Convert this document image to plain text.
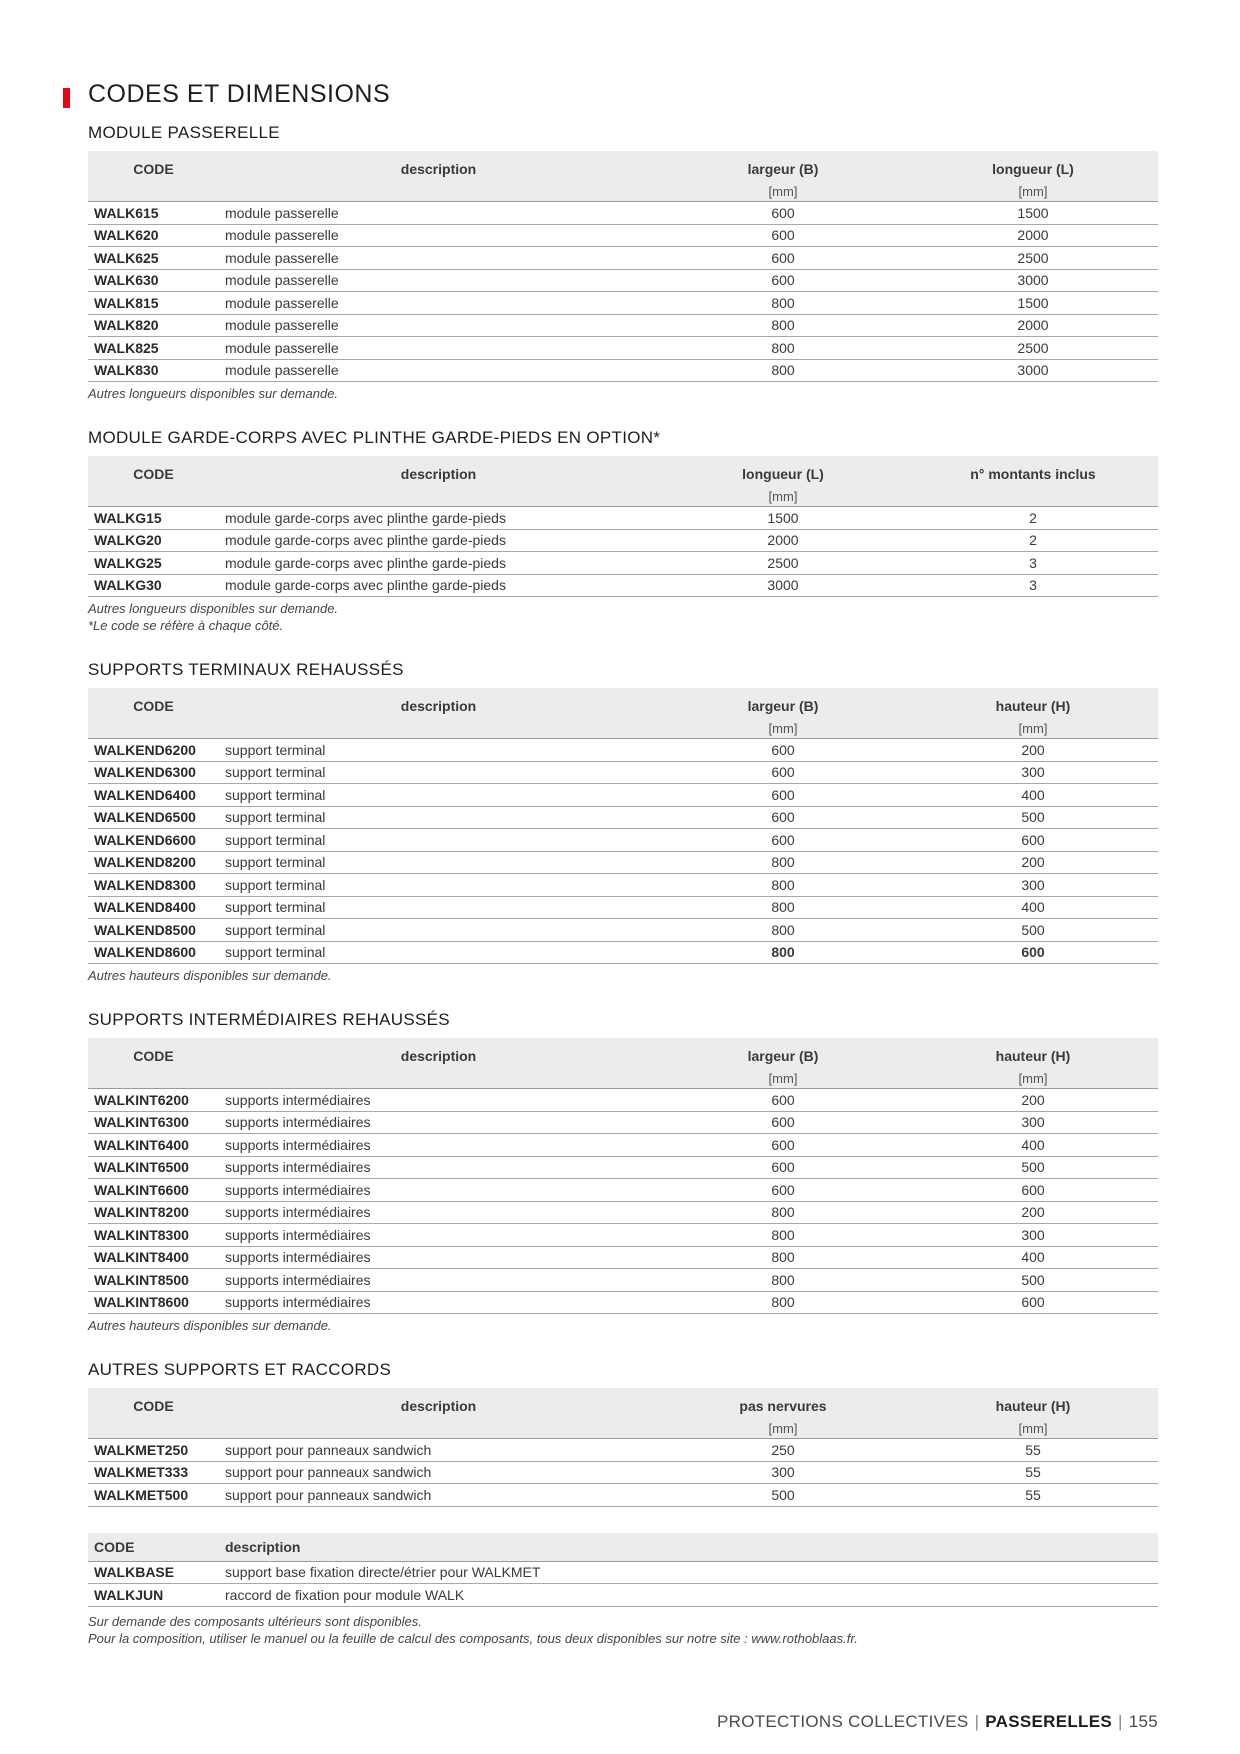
CODES ET DIMENSIONS
MODULE PASSERELLE
CODE	description	largeur (B)	longueur (L)
		[mm]	[mm]
WALK615	module passerelle	600	1500
WALK620	module passerelle	600	2000
WALK625	module passerelle	600	2500
WALK630	module passerelle	600	3000
WALK815	module passerelle	800	1500
WALK820	module passerelle	800	2000
WALK825	module passerelle	800	2500
WALK830	module passerelle	800	3000

Autres longueurs disponibles sur demande.

MODULE GARDE-CORPS AVEC PLINTHE GARDE-PIEDS EN OPTION*
CODE	description	longueur (L)	n° montants inclus
		[mm]	
WALKG15	module garde-corps avec plinthe garde-pieds	1500	2
WALKG20	module garde-corps avec plinthe garde-pieds	2000	2
WALKG25	module garde-corps avec plinthe garde-pieds	2500	3
WALKG30	module garde-corps avec plinthe garde-pieds	3000	3

Autres longueurs disponibles sur demande.

*Le code se réfère à chaque côté.

SUPPORTS TERMINAUX REHAUSSÉS
CODE	description	largeur (B)	hauteur (H)
		[mm]	[mm]
WALKEND6200	support terminal	600	200
WALKEND6300	support terminal	600	300
WALKEND6400	support terminal	600	400
WALKEND6500	support terminal	600	500
WALKEND6600	support terminal	600	600
WALKEND8200	support terminal	800	200
WALKEND8300	support terminal	800	300
WALKEND8400	support terminal	800	400
WALKEND8500	support terminal	800	500
WALKEND8600	support terminal	800	600

Autres hauteurs disponibles sur demande.

SUPPORTS INTERMÉDIAIRES REHAUSSÉS
CODE	description	largeur (B)	hauteur (H)
		[mm]	[mm]
WALKINT6200	supports intermédiaires	600	200
WALKINT6300	supports intermédiaires	600	300
WALKINT6400	supports intermédiaires	600	400
WALKINT6500	supports intermédiaires	600	500
WALKINT6600	supports intermédiaires	600	600
WALKINT8200	supports intermédiaires	800	200
WALKINT8300	supports intermédiaires	800	300
WALKINT8400	supports intermédiaires	800	400
WALKINT8500	supports intermédiaires	800	500
WALKINT8600	supports intermédiaires	800	600

Autres hauteurs disponibles sur demande.

AUTRES SUPPORTS ET RACCORDS
CODE	description	pas nervures	hauteur (H)
		[mm]	[mm]
WALKMET250	support pour panneaux sandwich	250	55
WALKMET333	support pour panneaux sandwich	300	55
WALKMET500	support pour panneaux sandwich	500	55
CODE	description
WALKBASE	support base fixation directe/étrier pour WALKMET
WALKJUN	raccord de fixation pour module WALK

Sur demande des composants ultérieurs sont disponibles.

Pour la composition, utiliser le manuel ou la feuille de calcul des composants, tous deux disponibles sur notre site : www.rothoblaas.fr.

PROTECTIONS COLLECTIVES | PASSERELLES | 155
